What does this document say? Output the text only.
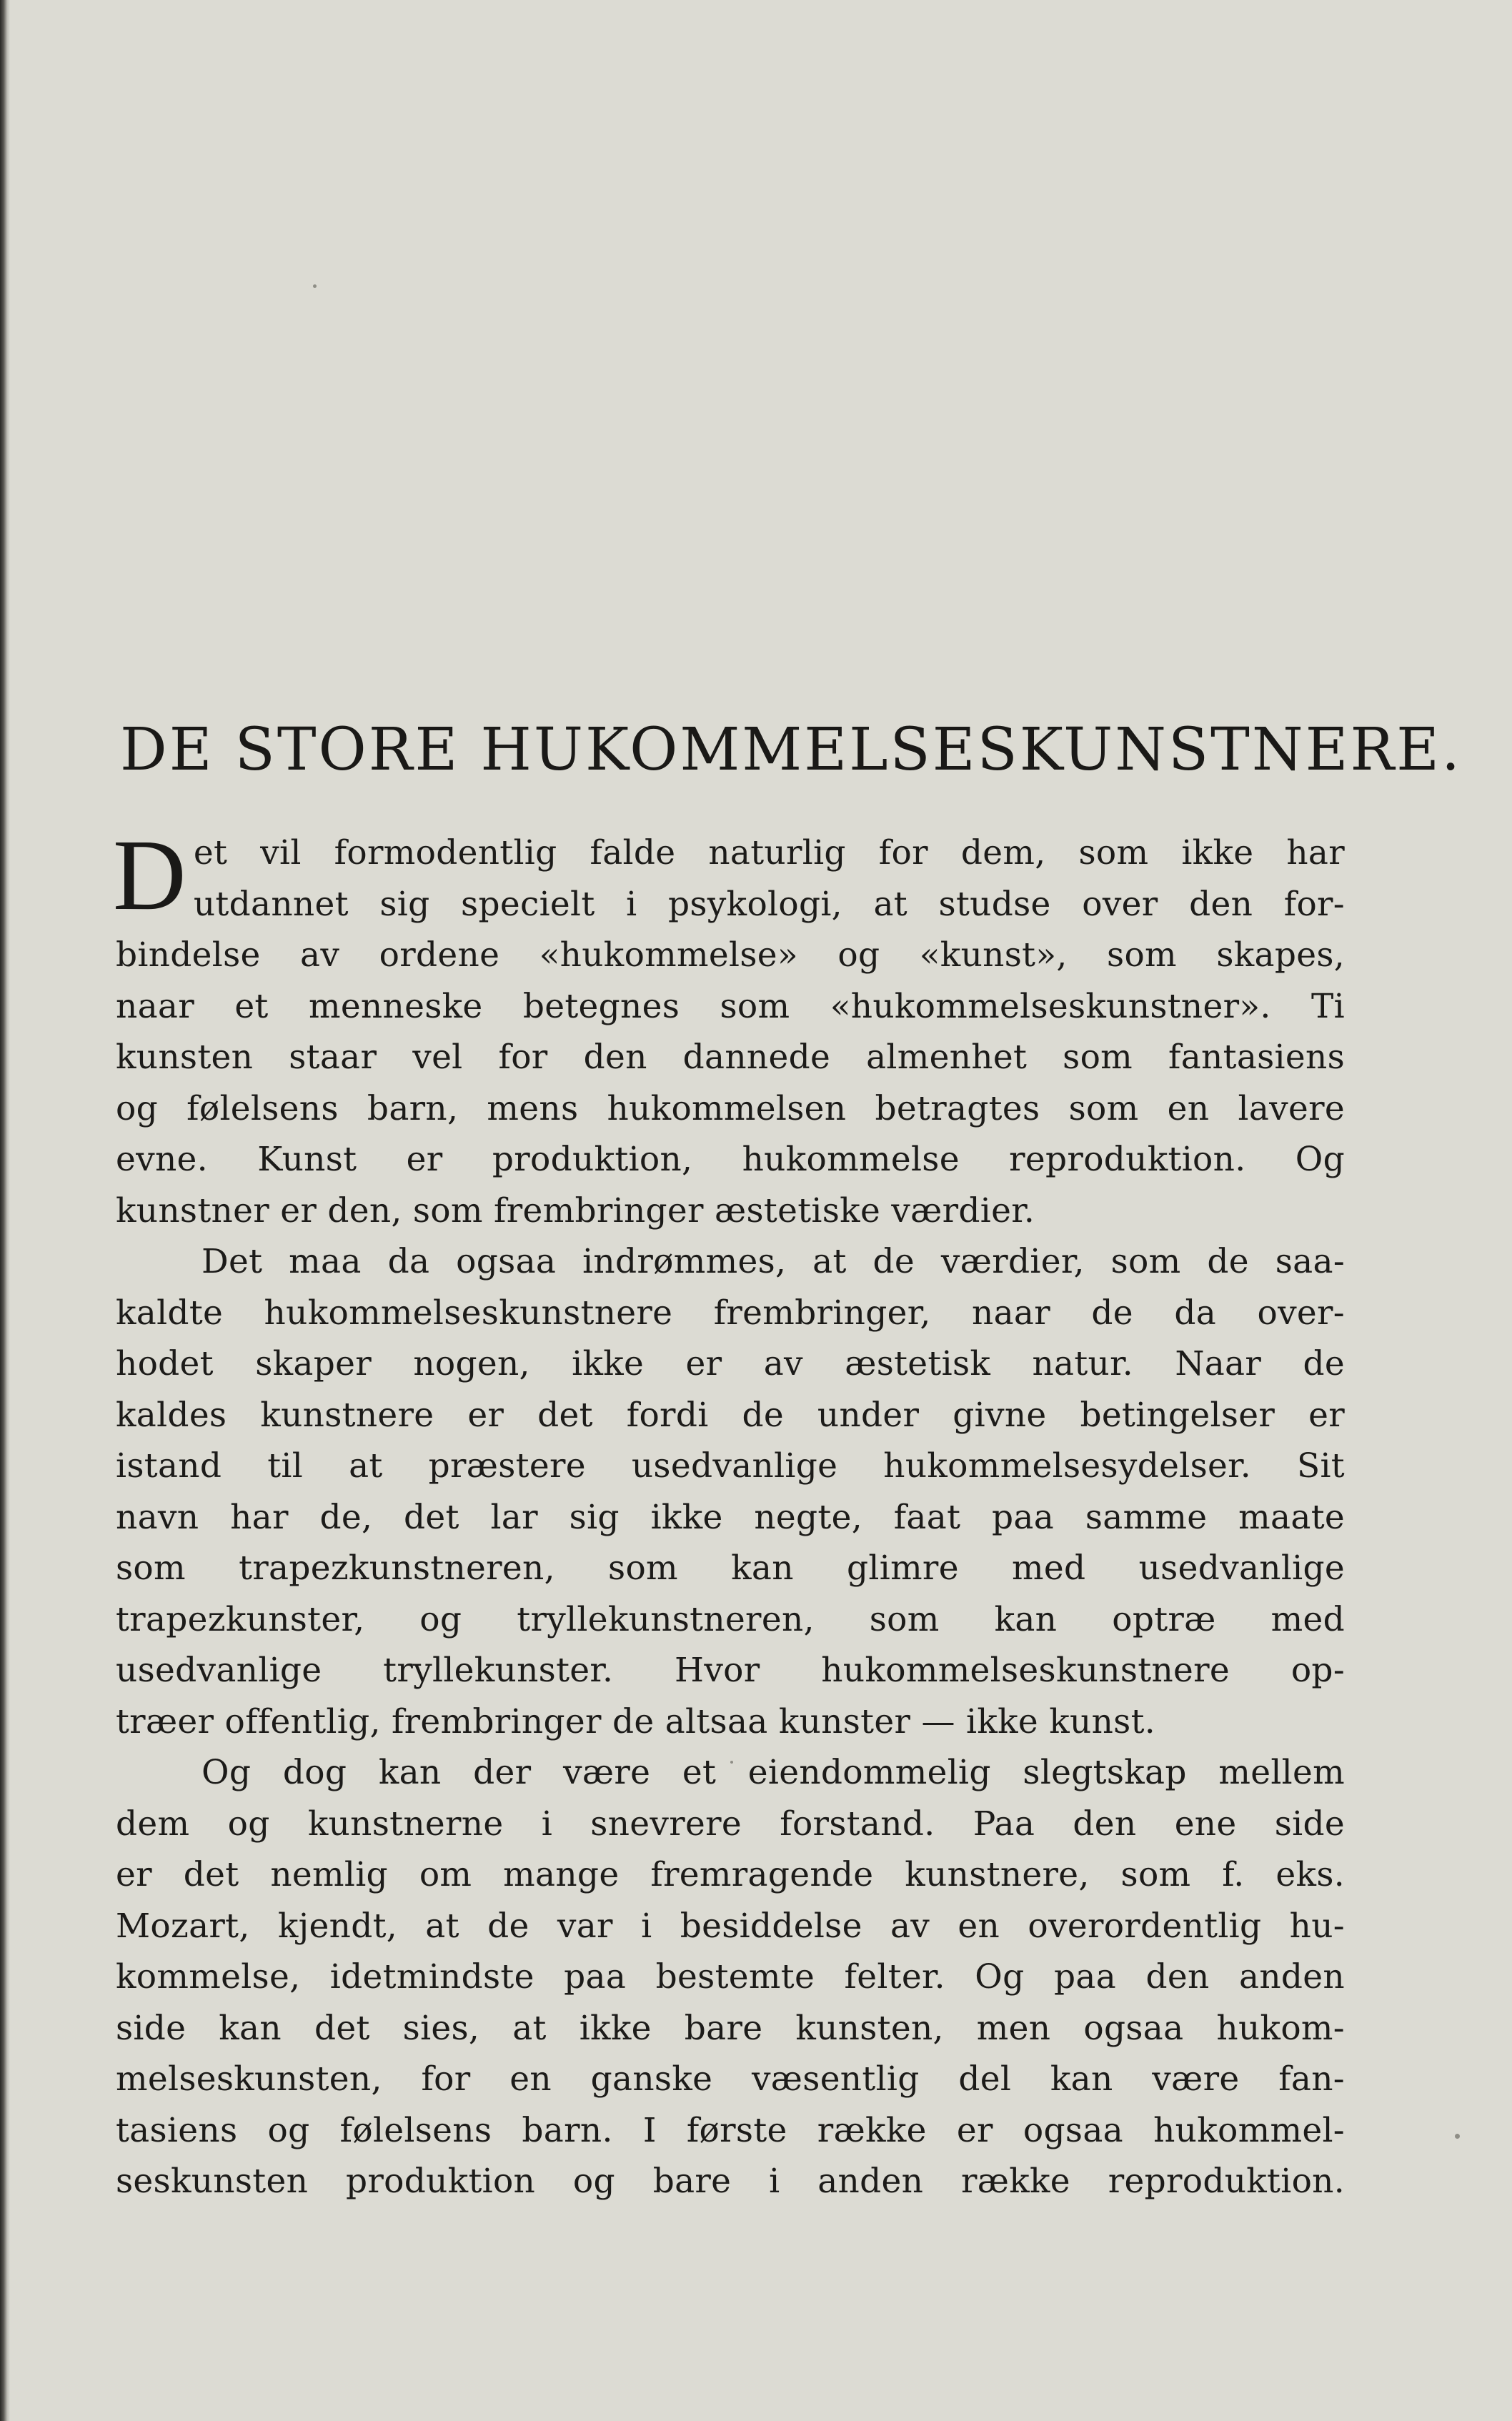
DE STORE HUKOMMELSESKUNSTNERE.

D et vil formodentlig falde naturlig for dem, som ikke har
utdannet sig specielt i psykologi, at studse over den for-
bindelse av ordene «hukommelse» og «kunst», som skapes,
naar et menneske betegnes som «hukommelseskunstner». Ti
kunsten staar vel for den dannede almenhet som fantasiens
og følelsens barn, mens hukommelsen betragtes som en lavere
evne. Kunst er produktion, hukommelse reproduktion. Og
kunstner er den, som frembringer æstetiske værdier.

Det maa da ogsaa indrømmes, at de værdier, som de saa-
kaldte hukommelseskunstnere frembringer, naar de da over-
hodet skaper nogen, ikke er av æstetisk natur. Naar de
kaldes kunstnere er det fordi de under givne betingelser er
istand til at præstere usedvanlige hukommelsesydelser. Sit
navn har de, det lar sig ikke negte, faat paa samme maate
som trapezkunstneren, som kan glimre med usedvanlige
trapezkunster, og tryllekunstneren, som kan optræ med
usedvanlige tryllekunster. Hvor hukommelseskunstnere op-
træer offentlig, frembringer de altsaa kunster — ikke kunst.

Og dog kan der være et eiendommelig slegtskap mellem
dem og kunstnerne i snevrere forstand. Paa den ene side
er det nemlig om mange fremragende kunstnere, som f. eks.
Mozart, kjendt, at de var i besiddelse av en overordentlig hu-
kommelse, idetmindste paa bestemte felter. Og paa den anden
side kan det sies, at ikke bare kunsten, men ogsaa hukom-
melseskunsten, for en ganske væsentlig del kan være fan-
tasiens og følelsens barn. I første række er ogsaa hukommel-
seskunsten produktion og bare i anden række reproduktion.
